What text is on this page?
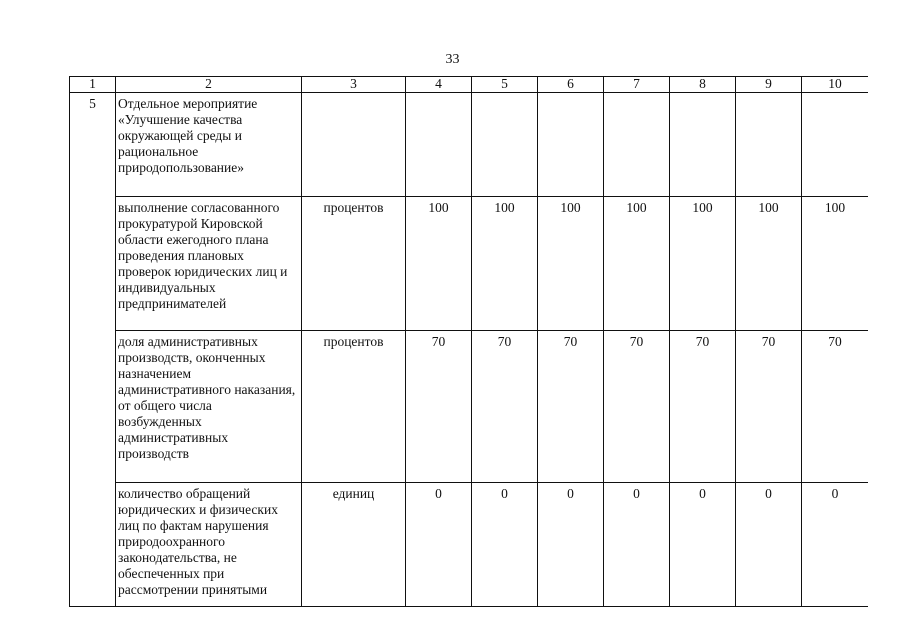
33
1	2	3	4	5	6	7	8	9	10
5	Отдельное мероприятие «Улучшение качества окружающей среды и рациональное природопользование»								
	выполнение согласованного прокуратурой Кировской области ежегодного плана проведения плановых проверок юридических лиц и индивидуальных предпринимателей	процентов	100	100	100	100	100	100	100
	доля административных производств, оконченных назначением административного наказания, от общего числа возбужденных административных производств	процентов	70	70	70	70	70	70	70
	количество обращений юридических и физических лиц по фактам нарушения природоохранного законодательства, не обеспеченных при рассмотрении принятыми	единиц	0	0	0	0	0	0	0
